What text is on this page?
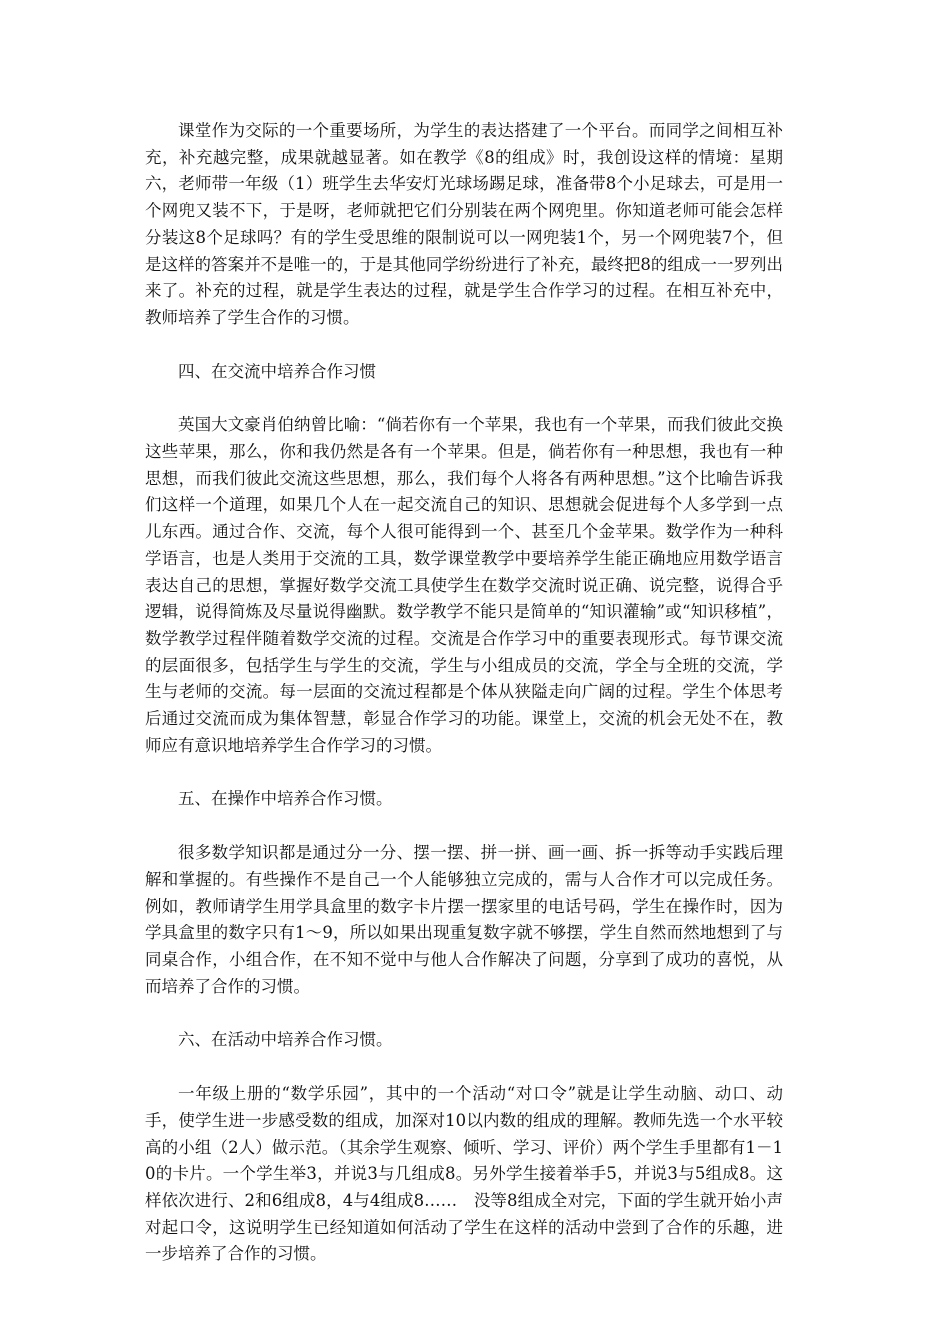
课堂作为交际的一个重要场所，为学生的表达搭建了一个平台。而同学之间相互补充，补充越完整，成果就越显著。如在教学《8的组成》时，我创设这样的情境：星期六，老师带一年级（1）班学生去华安灯光球场踢足球，准备带8个小足球去，可是用一个网兜又装不下，于是呀，老师就把它们分别装在两个网兜里。你知道老师可能会怎样分装这8个足球吗？有的学生受思维的限制说可以一网兜装1个，另一个网兜装7个，但是这样的答案并不是唯一的，于是其他同学纷纷进行了补充，最终把8的组成一一罗列出来了。补充的过程，就是学生表达的过程，就是学生合作学习的过程。在相互补充中，教师培养了学生合作的习惯。

四、在交流中培养合作习惯

英国大文豪肖伯纳曾比喻：“倘若你有一个苹果，我也有一个苹果，而我们彼此交换这些苹果，那么，你和我仍然是各有一个苹果。但是，倘若你有一种思想，我也有一种思想，而我们彼此交流这些思想，那么，我们每个人将各有两种思想。”这个比喻告诉我们这样一个道理，如果几个人在一起交流自己的知识、思想就会促进每个人多学到一点儿东西。通过合作、交流，每个人很可能得到一个、甚至几个金苹果。数学作为一种科学语言，也是人类用于交流的工具，数学课堂教学中要培养学生能正确地应用数学语言表达自己的思想，掌握好数学交流工具使学生在数学交流时说正确、说完整，说得合乎逻辑，说得简炼及尽量说得幽默。数学教学不能只是简单的“知识灌输”或“知识移植”，数学教学过程伴随着数学交流的过程。交流是合作学习中的重要表现形式。每节课交流的层面很多，包括学生与学生的交流，学生与小组成员的交流，学全与全班的交流，学生与老师的交流。每一层面的交流过程都是个体从狭隘走向广阔的过程。学生个体思考后通过交流而成为集体智慧，彰显合作学习的功能。课堂上，交流的机会无处不在，教师应有意识地培养学生合作学习的习惯。

五、在操作中培养合作习惯。

很多数学知识都是通过分一分、摆一摆、拼一拼、画一画、拆一拆等动手实践后理解和掌握的。有些操作不是自己一个人能够独立完成的，需与人合作才可以完成任务。例如，教师请学生用学具盒里的数字卡片摆一摆家里的电话号码，学生在操作时，因为学具盒里的数字只有1～9，所以如果出现重复数字就不够摆，学生自然而然地想到了与同桌合作，小组合作，在不知不觉中与他人合作解决了问题，分享到了成功的喜悦，从而培养了合作的习惯。

六、在活动中培养合作习惯。

一年级上册的“数学乐园”，其中的一个活动“对口令”就是让学生动脑、动口、动手，使学生进一步感受数的组成，加深对10以内数的组成的理解。教师先选一个水平较高的小组（2人）做示范。（其余学生观察、倾听、学习、评价）两个学生手里都有1－10的卡片。一个学生举3，并说3与几组成8。另外学生接着举手5，并说3与5组成8。这样依次进行、2和6组成8，4与4组成8……　没等8组成全对完，下面的学生就开始小声对起口令，这说明学生已经知道如何活动了学生在这样的活动中尝到了合作的乐趣，进一步培养了合作的习惯。
